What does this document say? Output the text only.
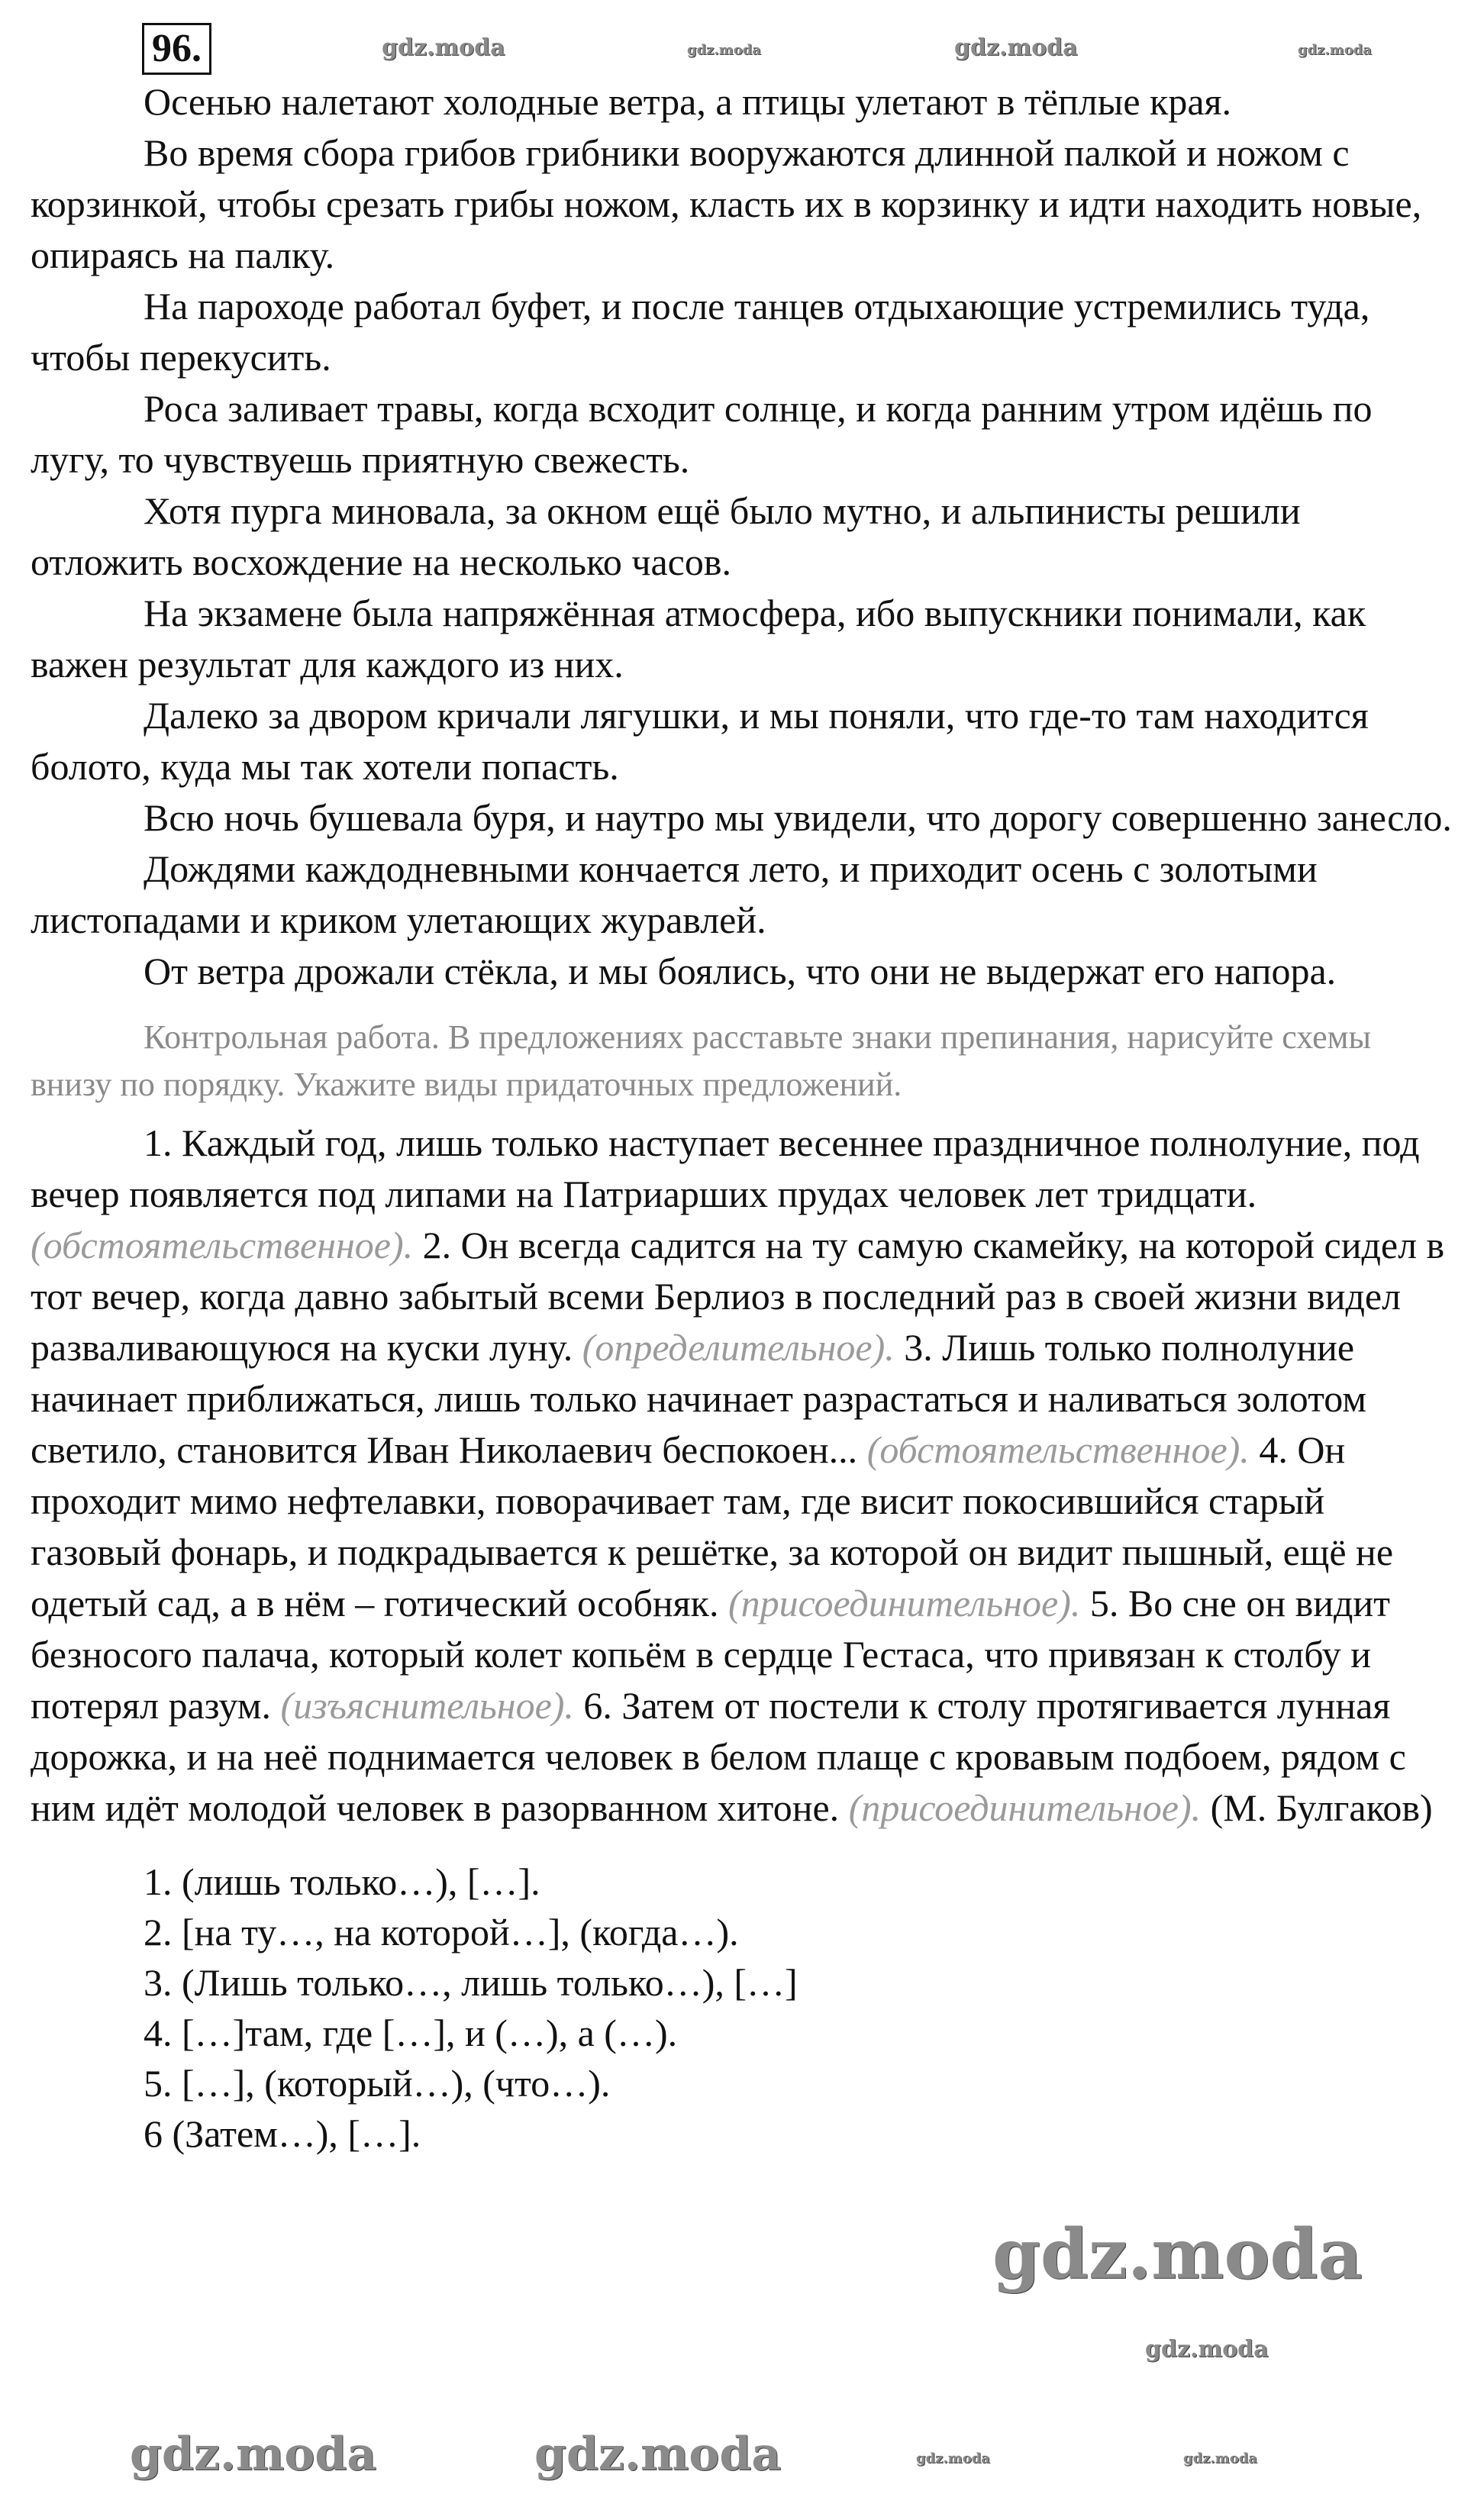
96.

Осенью налетают холодные ветра, а птицы улетают в тёплые края.

Во время сбора грибов грибники вооружаются длинной палкой и ножом с корзинкой, чтобы срезать грибы ножом, класть их в корзинку и идти находить новые, опираясь на палку.

На пароходе работал буфет, и после танцев отдыхающие устремились туда, чтобы перекусить.

Роса заливает травы, когда всходит солнце, и когда ранним утром идёшь по лугу, то чувствуешь приятную свежесть.

Хотя пурга миновала, за окном ещё было мутно, и альпинисты решили отложить восхождение на несколько часов.

На экзамене была напряжённая атмосфера, ибо выпускники понимали, как важен результат для каждого из них.

Далеко за двором кричали лягушки, и мы поняли, что где-то там находится болото, куда мы так хотели попасть.

Всю ночь бушевала буря, и наутро мы увидели, что дорогу совершенно занесло.

Дождями каждодневными кончается лето, и приходит осень с золотыми листопадами и криком улетающих журавлей.

От ветра дрожали стёкла, и мы боялись, что они не выдержат его напора.

Контрольная работа. В предложениях расставьте знаки препинания, нарисуйте схемы внизу по порядку. Укажите виды придаточных предложений.

1. Каждый год, лишь только наступает весеннее праздничное полнолуние, под вечер появляется под липами на Патриарших прудах человек лет тридцати. (обстоятельственное). 2. Он всегда садится на ту самую скамейку, на которой сидел в тот вечер, когда давно забытый всеми Берлиоз в последний раз в своей жизни видел разваливающуюся на куски луну. (определительное). 3. Лишь только полнолуние начинает приближаться, лишь только начинает разрастаться и наливаться золотом светило, становится Иван Николаевич беспокоен... (обстоятельственное). 4. Он проходит мимо нефтелавки, поворачивает там, где висит покосившийся старый газовый фонарь, и подкрадывается к решётке, за которой он видит пышный, ещё не одетый сад, а в нём – готический особняк. (присоединительное). 5. Во сне он видит безносого палача, который колет копьём в сердце Гестаса, что привязан к столбу и потерял разум. (изъяснительное). 6. Затем от постели к столу протягивается лунная дорожка, и на неё поднимается человек в белом плаще с кровавым подбоем, рядом с ним идёт молодой человек в разорванном хитоне. (присоединительное). (М. Булгаков)

1. (лишь только…), […].
2. [на ту…, на которой…], (когда…).
3. (Лишь только…, лишь только…), […]
4. […]там, где […], и (…), а (…).
5. […], (который…), (что…).
6 (Затем…), […].
gdz.moda	gdz.moda	gdz.moda	gdz.moda
gdz.moda
gdz.moda
gdz.moda	gdz.moda	gdz.moda	gdz.moda
